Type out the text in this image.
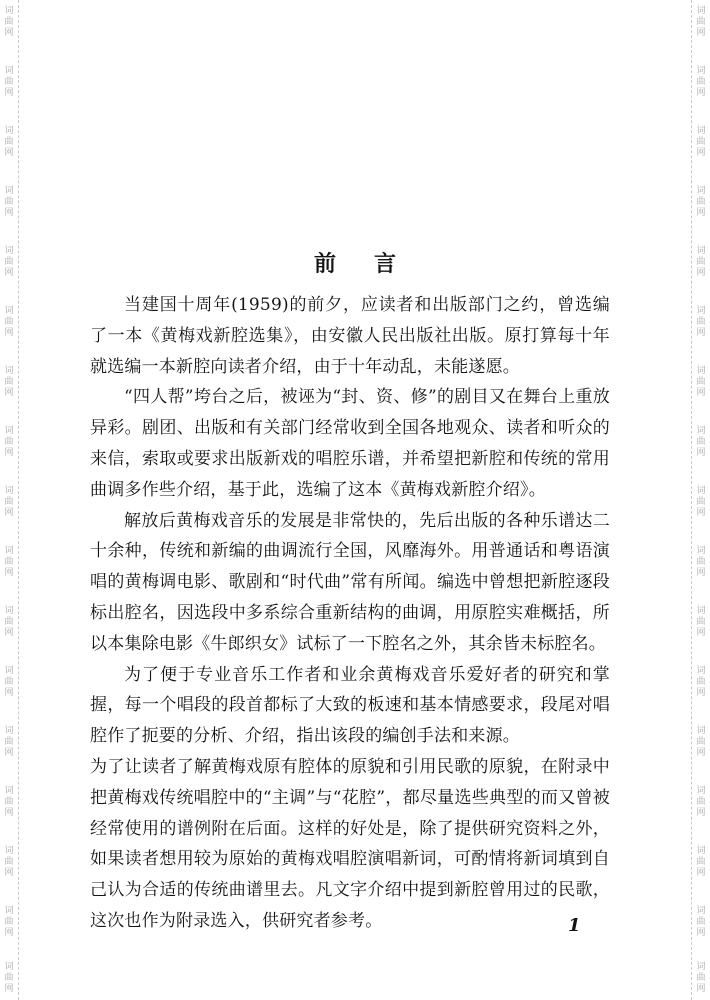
词曲网
词曲网
词曲网
词曲网
词曲网
词曲网
词曲网
词曲网
词曲网
词曲网
词曲网
词曲网
词曲网
词曲网
词曲网
词曲网
词曲网
词曲网
词曲网
词曲网
词曲网
词曲网
词曲网
词曲网
词曲网
词曲网
词曲网
词曲网
词曲网
词曲网
词曲网
词曲网
词曲网
词曲网
前言

当建国十周年(1959)的前夕，应读者和出版部门之约，曾选编了一本《黄梅戏新腔选集》，由安徽人民出版社出版。原打算每十年就选编一本新腔向读者介绍，由于十年动乱，未能遂愿。

“四人帮”垮台之后，被诬为“封、资、修”的剧目又在舞台上重放异彩。剧团、出版和有关部门经常收到全国各地观众、读者和听众的来信，索取或要求出版新戏的唱腔乐谱，并希望把新腔和传统的常用曲调多作些介绍，基于此，选编了这本《黄梅戏新腔介绍》。

解放后黄梅戏音乐的发展是非常快的，先后出版的各种乐谱达二十余种，传统和新编的曲调流行全国，风靡海外。用普通话和粤语演唱的黄梅调电影、歌剧和“时代曲”常有所闻。编选中曾想把新腔逐段标出腔名，因选段中多系综合重新结构的曲调，用原腔实难概括，所以本集除电影《牛郎织女》试标了一下腔名之外，其余皆未标腔名。

为了便于专业音乐工作者和业余黄梅戏音乐爱好者的研究和掌握，每一个唱段的段首都标了大致的板速和基本情感要求，段尾对唱腔作了扼要的分析、介绍，指出该段的编创手法和来源。

为了让读者了解黄梅戏原有腔体的原貌和引用民歌的原貌，在附录中把黄梅戏传统唱腔中的“主调”与“花腔”，都尽量选些典型的而又曾被经常使用的谱例附在后面。这样的好处是，除了提供研究资料之外，如果读者想用较为原始的黄梅戏唱腔演唱新词，可酌情将新词填到自己认为合适的传统曲谱里去。凡文字介绍中提到新腔曾用过的民歌，这次也作为附录选入，供研究者参考。	1
